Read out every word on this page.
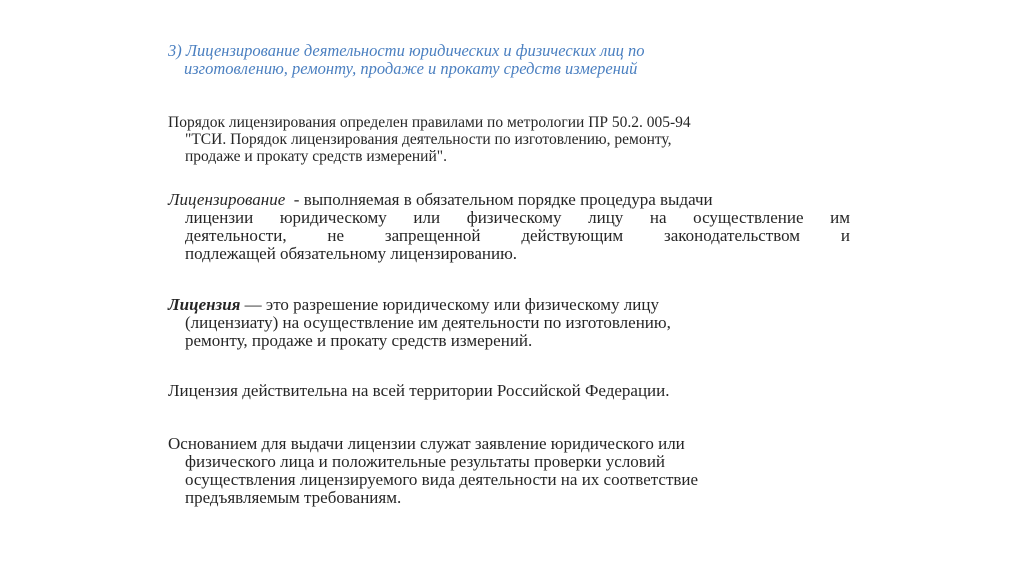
3) Лицензирование деятельности юридических и физических лиц по
изготовлению, ремонту, продаже и прокату средств измерений

Порядок лицензирования определен правилами по метрологии ПР 50.2. 005-94
"ТСИ. Порядок лицензирования деятельности по изготовлению, ремонту,
продаже и прокату средств измерений".

Лицензирование  - выполняемая в обязательном порядке процедура выдачи
лицензии юридическому или физическому лицу на осуществление им
деятельности, не запрещенной действующим законодательством и
подлежащей обязательному лицензированию.

Лицензия — это разрешение юридическому или физическому лицу
(лицензиату) на осуществление им деятельности по изготовлению,
ремонту, продаже и прокату средств измерений.

Лицензия действительна на всей территории Российской Федерации.

Основанием для выдачи лицензии служат заявление юридического или
физического лица и положительные результаты проверки условий
осуществления лицензируемого вида деятельности на их соответствие
предъявляемым требованиям.
